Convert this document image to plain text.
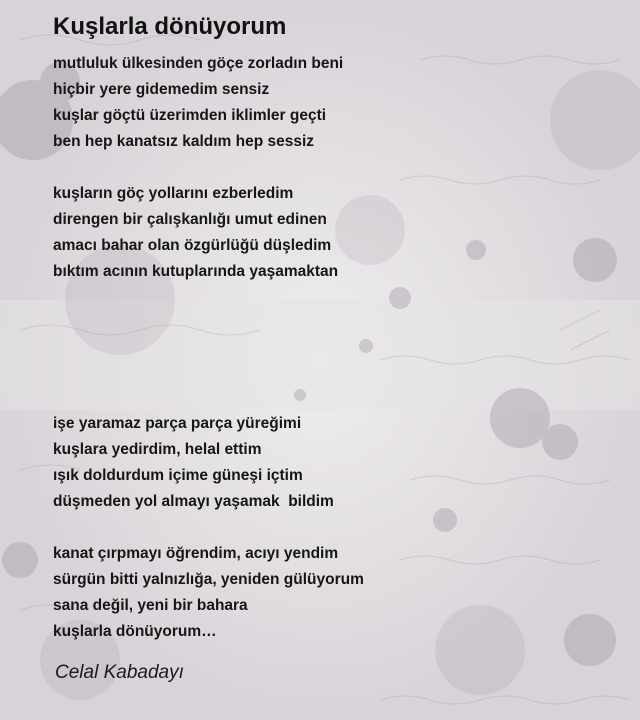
Kuşlarla dönüyorum
mutluluk ülkesinden göçe zorladın beni
hiçbir yere gidemedim sensiz
kuşlar göçtü üzerimden iklimler geçti
ben hep kanatsız kaldım hep sessiz
kuşların göç yollarını ezberledim
direngen bir çalışkanlığı umut edinen
amacı bahar olan özgürlüğü düşledim
bıktım acının kutuplarında yaşamaktan
işe yaramaz parça parça yüreğimi
kuşlara yedirdim, helal ettim
ışık doldurdum içime güneşi içtim
düşmeden yol almayı yaşamak  bildim
kanat çırpmayı öğrendim, acıyı yendim
sürgün bitti yalnızlığa, yeniden gülüyorum
sana değil, yeni bir bahara
kuşlarla dönüyorum…

Celal Kabadayı
